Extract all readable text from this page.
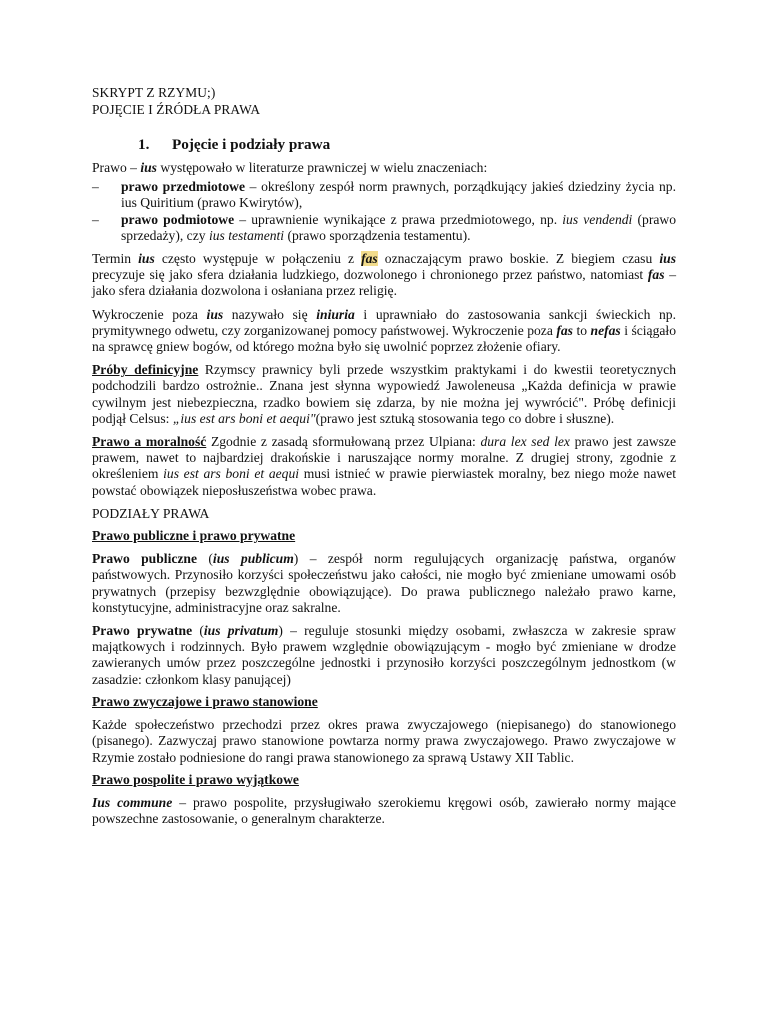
SKRYPT Z RZYMU;)
POJĘCIE I ŹRÓDŁA PRAWA
1. Pojęcie i podziały prawa

Prawo – ius występowało w literaturze prawniczej w wielu znaczeniach:

– prawo przedmiotowe – określony zespół norm prawnych, porządkujący jakieś dziedziny życia np. ius Quiritium (prawo Kwirytów),
– prawo podmiotowe – uprawnienie wynikające z prawa przedmiotowego, np. ius vendendi (prawo sprzedaży), czy ius testamenti (prawo sporządzenia testamentu).

Termin ius często występuje w połączeniu z fas oznaczającym prawo boskie. Z biegiem czasu ius precyzuje się jako sfera działania ludzkiego, dozwolonego i chronionego przez państwo, natomiast fas – jako sfera działania dozwolona i osłaniana przez religię.

Wykroczenie poza ius nazywało się iniuria i uprawniało do zastosowania sankcji świeckich np. prymitywnego odwetu, czy zorganizowanej pomocy państwowej. Wykroczenie poza fas to nefas i ściągało na sprawcę gniew bogów, od którego można było się uwolnić poprzez złożenie ofiary.

Próby definicyjne Rzymscy prawnicy byli przede wszystkim praktykami i do kwestii teoretycznych podchodzili bardzo ostrożnie.. Znana jest słynna wypowiedź Jawoleneusa „Każda definicja w prawie cywilnym jest niebezpieczna, rzadko bowiem się zdarza, by nie można jej wywrócić". Próbę definicji podjął Celsus: „ius est ars boni et aequi"(prawo jest sztuką stosowania tego co dobre i słuszne).

Prawo a moralność Zgodnie z zasadą sformułowaną przez Ulpiana: dura lex sed lex prawo jest zawsze prawem, nawet to najbardziej drakońskie i naruszające normy moralne. Z drugiej strony, zgodnie z określeniem ius est ars boni et aequi musi istnieć w prawie pierwiastek moralny, bez niego może nawet powstać obowiązek nieposłuszeństwa wobec prawa.

PODZIAŁY PRAWA

Prawo publiczne i prawo prywatne

Prawo publiczne (ius publicum) – zespół norm regulujących organizację państwa, organów państwowych. Przynosiło korzyści społeczeństwu jako całości, nie mogło być zmieniane umowami osób prywatnych (przepisy bezwzględnie obowiązujące). Do prawa publicznego należało prawo karne, konstytucyjne, administracyjne oraz sakralne.

Prawo prywatne (ius privatum) – reguluje stosunki między osobami, zwłaszcza w zakresie spraw majątkowych i rodzinnych. Było prawem względnie obowiązującym - mogło być zmieniane w drodze zawieranych umów przez poszczególne jednostki i przynosiło korzyści poszczególnym jednostkom (w zasadzie: członkom klasy panującej)

Prawo zwyczajowe i prawo stanowione

Każde społeczeństwo przechodzi przez okres prawa zwyczajowego (niepisanego) do stanowionego (pisanego). Zazwyczaj prawo stanowione powtarza normy prawa zwyczajowego. Prawo zwyczajowe w Rzymie zostało podniesione do rangi prawa stanowionego za sprawą Ustawy XII Tablic.

Prawo pospolite i prawo wyjątkowe

Ius commune – prawo pospolite, przysługiwało szerokiemu kręgowi osób, zawierało normy mające powszechne zastosowanie, o generalnym charakterze.
